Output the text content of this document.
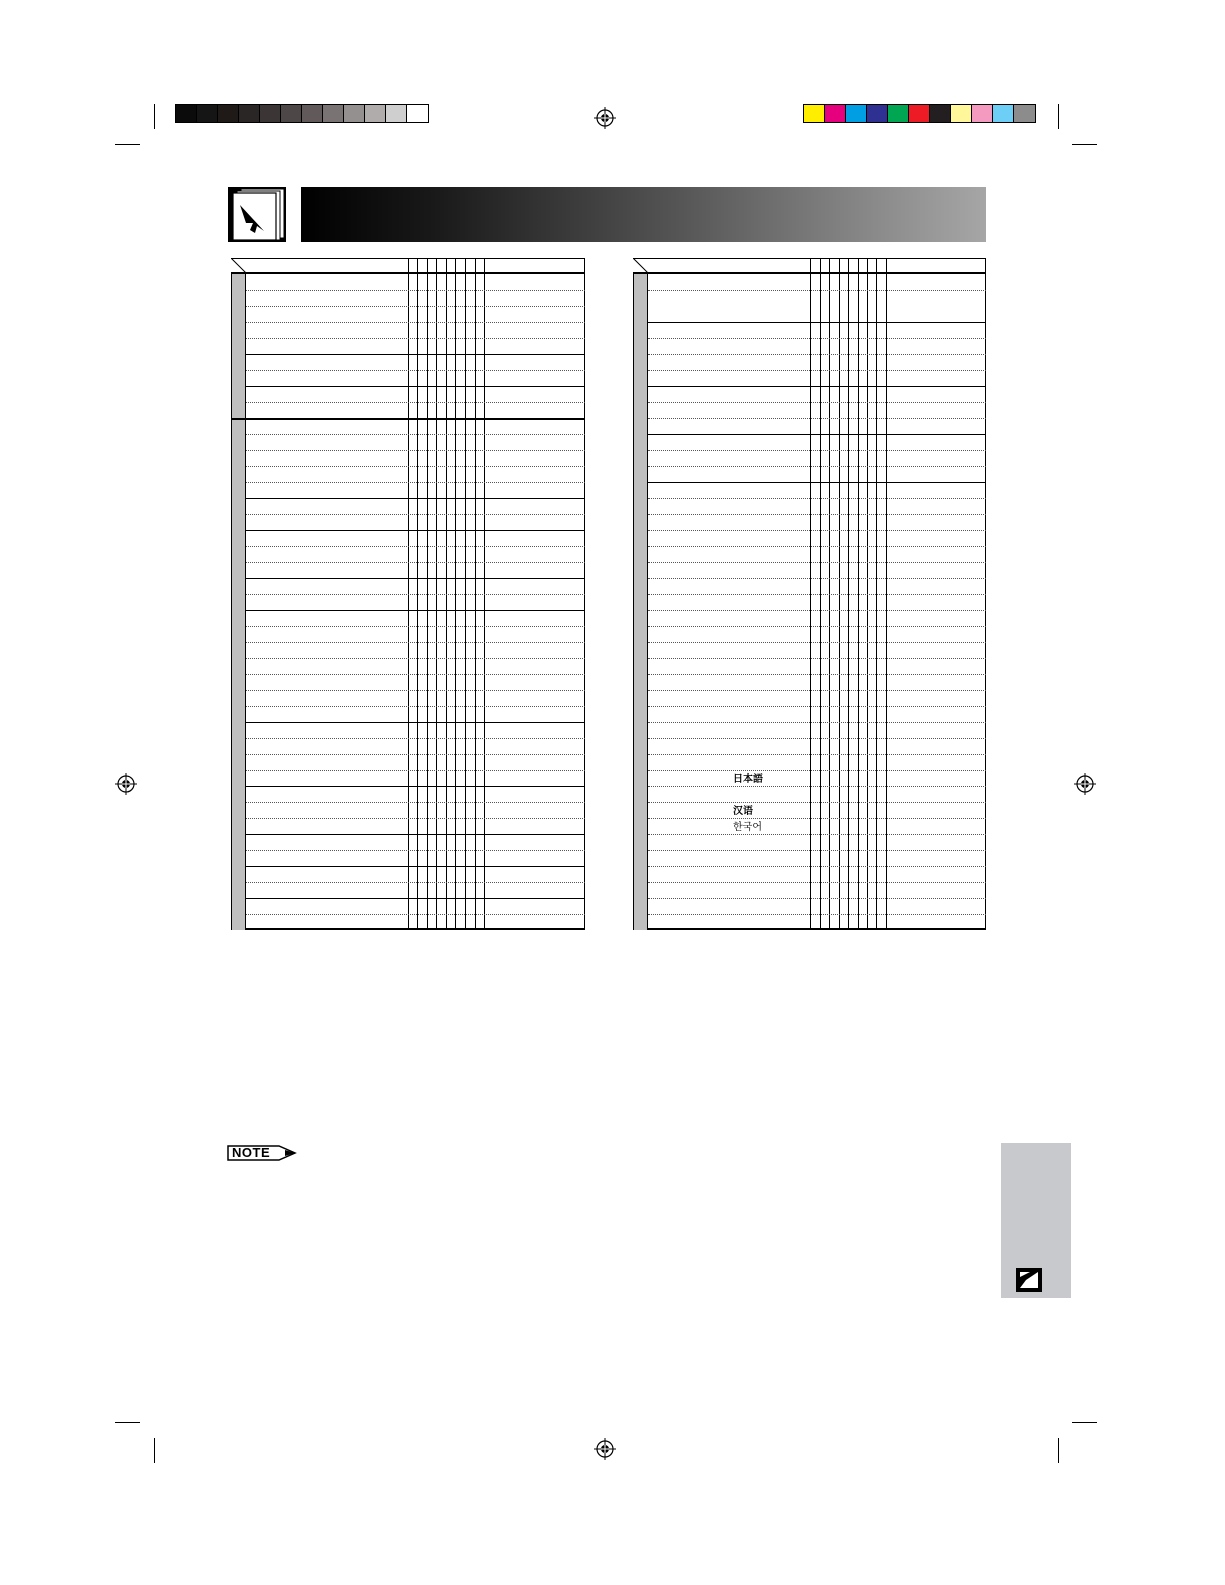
日本語
汉语
한국어
NOTE
